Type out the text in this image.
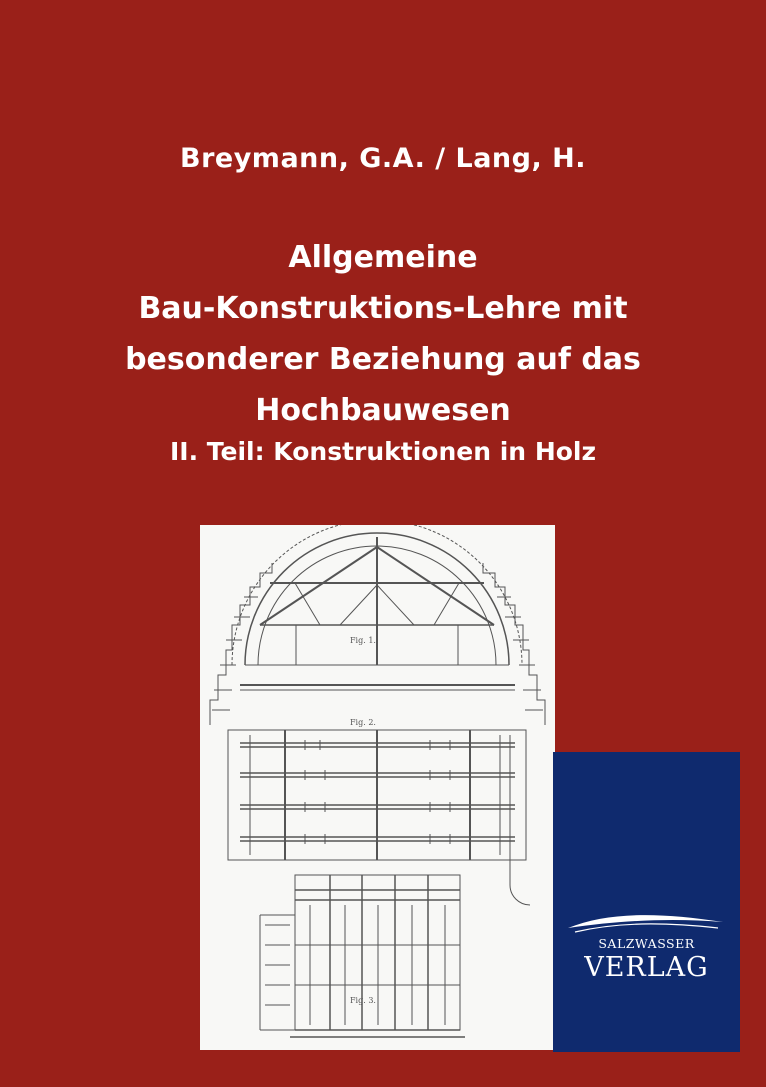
Breymann, G.A. / Lang, H.
Allgemeine
Bau-Konstruktions-Lehre mit
besonderer Beziehung auf das
Hochbauwesen
II. Teil: Konstruktionen in Holz
Fig. 1.
Fig. 2.
Fig. 3.
SALZWASSER
VERLAG
